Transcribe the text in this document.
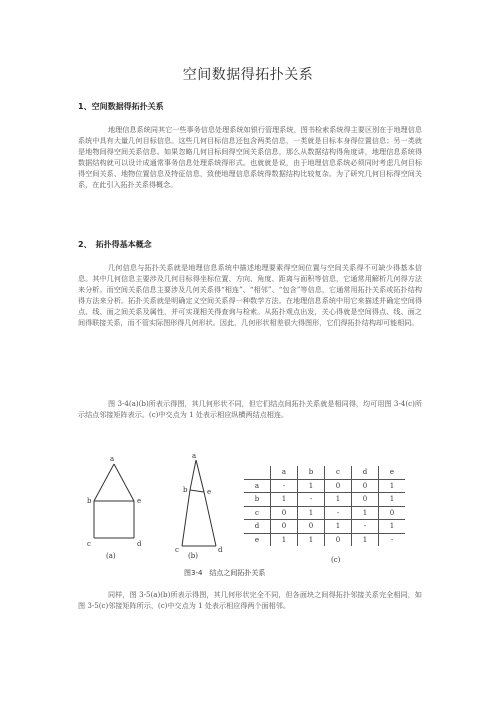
空间数据得拓扑关系
1、空间数据得拓扑关系

地理信息系统同其它一些事务信息处理系统如银行管理系统，图书检索系统得主要区别在于地理信息系统中具有大量几何目标信息。这些几何目标信息还包含两类信息，一类就是目标本身得位置信息；另一类就是地物间得空间关系信息。如果忽略几何目标间得空间关系信息，那么从数据结构得角度讲，地理信息系统得数据结构就可以设计成通常事务信息处理系统得形式。也就就是说，由于地理信息系统必须同时考虑几何目标得空间关系、地物位置信息及特征信息，致使地理信息系统得数据结构比较复杂。为了研究几何目标得空间关系，在此引入拓扑关系得概念。

2、　拓扑得基本概念

几何信息与拓扑关系就是地理信息系统中描述地理要素得空间位置与空间关系得不可缺少得基本信息。其中几何信息主要涉及几何目标得坐标位置、方向、角度、距离与面积等信息，它通常用解析几何得方法来分析。而空间关系信息主要涉及几何关系得“相连”、“相邻”、“包含”等信息，它通常用拓扑关系或拓扑结构得方法来分析。拓扑关系就是明确定义空间关系得一种数学方法。在地理信息系统中用它来描述并确定空间得点、线、面之间关系及属性，并可实现相关得查询与检索。从拓扑观点出发，关心得就是空间得点、线、面之间得联接关系，而不管实际图形得几何形状。因此，几何形状相差很大得图形，它们得拓扑结构却可能相同。

图 3-4(a)(b)所表示得图，其几何形状不同，但它们结点间拓扑关系就是相同得，均可用图 3-4(c)所示结点邻接矩阵表示。(c)中交点为 1 处表示相应纵横两结点相连。

a
b	e
c	d
(a)
a
b	e
c	d
(b)
	a	b	c	d	e
a	-	1	0	0	1
b	1	-	1	0	1
c	0	1	-	1	0
d	0	0	1	-	1
e	1	1	0	1	-
(c)
图3-4　结点之间拓扑关系

同样，图 3-5(a)(b)所表示得图，其几何形状完全不同，但各面块之间得拓扑邻接关系完全相同，如图 3-5(c)邻接矩阵所示，(c)中交点为 1 处表示相应得两个面相邻。
